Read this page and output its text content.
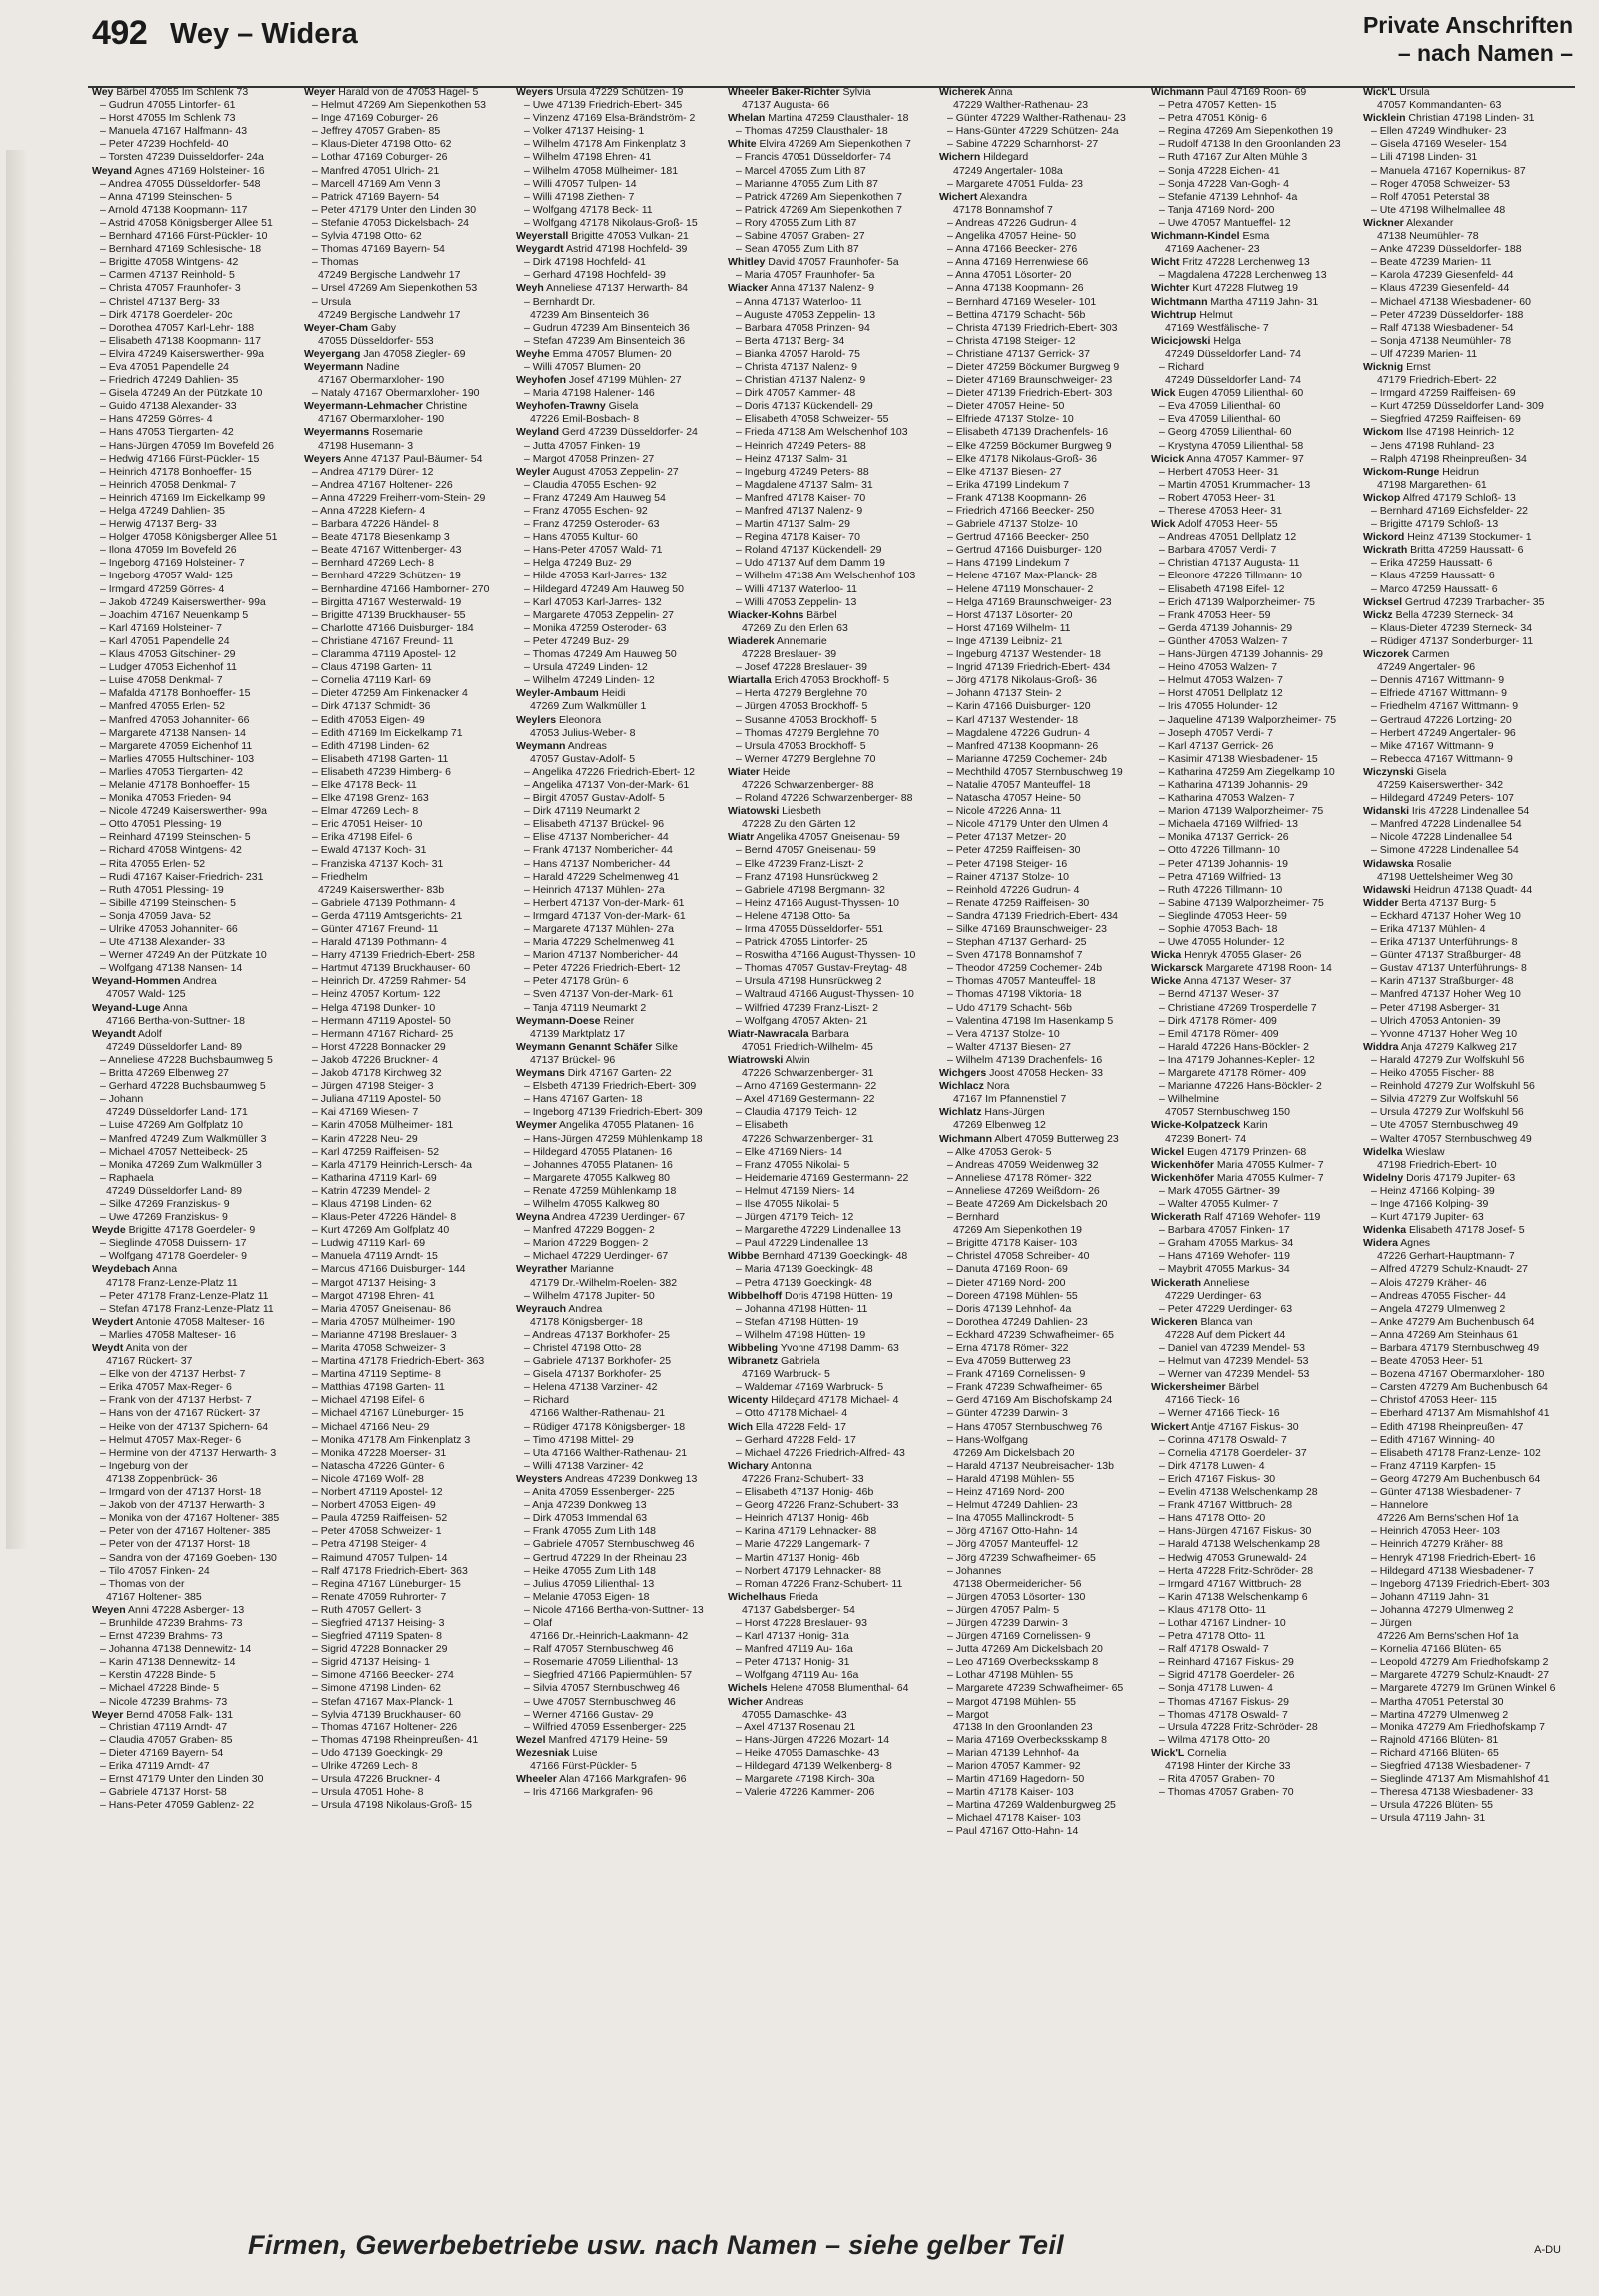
492 Wey – Widera	Private Anschriften
– nach Namen –
Wey Bärbel 47055 Im Schlenk 73
– Gudrun 47055 Lintorfer- 61
– Horst 47055 Im Schlenk 73
– Manuela 47167 Halfmann- 43
– Peter 47239 Hochfeld- 40
– Torsten 47239 Duisseldorfer- 24a
Weyand Agnes 47169 Holsteiner- 16
– Andrea 47055 Düsseldorfer- 548
– Anna 47199 Steinschen- 5
– Arnold 47138 Koopmann- 117
– Astrid 47058 Königsberger Allee 51
– Bernhard 47166 Fürst-Pückler- 10
– Bernhard 47169 Schlesische- 18
– Brigitte 47058 Wintgens- 42
– Carmen 47137 Reinhold- 5
– Christa 47057 Fraunhofer- 3
– Christel 47137 Berg- 33
– Dirk 47178 Goerdeler- 20c
– Dorothea 47057 Karl-Lehr- 188
– Elisabeth 47138 Koopmann- 117
– Elvira 47249 Kaiserswerther- 99a
– Eva 47051 Papendelle 24
– Friedrich 47249 Dahlien- 35
– Gisela 47249 An der Pützkate 10
– Guido 47138 Alexander- 33
– Hans 47259 Görres- 4
– Hans 47053 Tiergarten- 42
– Hans-Jürgen 47059 Im Bovefeld 26
– Hedwig 47166 Fürst-Pückler- 15
– Heinrich 47178 Bonhoeffer- 15
– Heinrich 47058 Denkmal- 7
– Heinrich 47169 Im Eickelkamp 99
– Helga 47249 Dahlien- 35
– Herwig 47137 Berg- 33
– Holger 47058 Königsberger Allee 51
– Ilona 47059 Im Bovefeld 26
– Ingeborg 47169 Holsteiner- 7
– Ingeborg 47057 Wald- 125
– Irmgard 47259 Görres- 4
– Jakob 47249 Kaiserswerther- 99a
– Joachim 47167 Neuenkamp 5
– Karl 47169 Holsteiner- 7
– Karl 47051 Papendelle 24
– Klaus 47053 Gitschiner- 29
– Ludger 47053 Eichenhof 11
– Luise 47058 Denkmal- 7
– Mafalda 47178 Bonhoeffer- 15
– Manfred 47055 Erlen- 52
– Manfred 47053 Johanniter- 66
– Margarete 47138 Nansen- 14
– Margarete 47059 Eichenhof 11
– Marlies 47055 Hultschiner- 103
– Marlies 47053 Tiergarten- 42
– Melanie 47178 Bonhoeffer- 15
– Monika 47053 Frieden- 94
– Nicole 47249 Kaiserswerther- 99a
– Otto 47051 Plessing- 19
– Reinhard 47199 Steinschen- 5
– Richard 47058 Wintgens- 42
– Rita 47055 Erlen- 52
– Rudi 47167 Kaiser-Friedrich- 231
– Ruth 47051 Plessing- 19
– Sibille 47199 Steinschen- 5
– Sonja 47059 Java- 52
– Ulrike 47053 Johanniter- 66
– Ute 47138 Alexander- 33
– Werner 47249 An der Pützkate 10
– Wolfgang 47138 Nansen- 14
Weyand-Hommen Andrea
47057 Wald- 125
Weyand-Luge Anna
47166 Bertha-von-Suttner- 18
Weyandt Adolf
47249 Düsseldorfer Land- 89
– Anneliese 47228 Buchsbaumweg 5
– Britta 47269 Elbenweg 27
– Gerhard 47228 Buchsbaumweg 5
– Johann
47249 Düsseldorfer Land- 171
– Luise 47269 Am Golfplatz 10
– Manfred 47249 Zum Walkmüller 3
– Michael 47057 Netteibeck- 25
– Monika 47269 Zum Walkmüller 3
– Raphaela
47249 Düsseldorfer Land- 89
– Silke 47269 Franziskus- 9
– Uwe 47269 Franziskus- 9
Weyde Brigitte 47178 Goerdeler- 9
– Sieglinde 47058 Duissern- 17
– Wolfgang 47178 Goerdeler- 9
Weydebach Anna
47178 Franz-Lenze-Platz 11
– Peter 47178 Franz-Lenze-Platz 11
– Stefan 47178 Franz-Lenze-Platz 11
Weydert Antonie 47058 Malteser- 16
– Marlies 47058 Malteser- 16
Weydt Anita von der
47167 Rückert- 37
– Elke von der 47137 Herbst- 7
– Erika 47057 Max-Reger- 6
– Frank von der 47137 Herbst- 7
– Hans von der 47167 Rückert- 37
– Heike von der 47137 Spichern- 64
– Helmut 47057 Max-Reger- 6
– Hermine von der 47137 Herwarth- 3
– Ingeburg von der
47138 Zoppenbrück- 36
– Irmgard von der 47137 Horst- 18
– Jakob von der 47137 Herwarth- 3
– Monika von der 47167 Holtener- 385
– Peter von der 47167 Holtener- 385
– Peter von der 47137 Horst- 18
– Sandra von der 47169 Goeben- 130
– Tilo 47057 Finken- 24
– Thomas von der
47167 Holtener- 385
Weyen Anni 47228 Asberger- 13
– Brunhilde 47239 Brahms- 73
– Ernst 47239 Brahms- 73
– Johanna 47138 Dennewitz- 14
– Karin 47138 Dennewitz- 14
– Kerstin 47228 Binde- 5
– Michael 47228 Binde- 5
– Nicole 47239 Brahms- 73
Weyer Bernd 47058 Falk- 131
– Christian 47119 Arndt- 47
– Claudia 47057 Graben- 85
– Dieter 47169 Bayern- 54
– Erika 47119 Arndt- 47
– Ernst 47179 Unter den Linden 30
– Gabriele 47137 Horst- 58
– Hans-Peter 47059 Gablenz- 22
Weyer Harald von de 47053 Hagel- 5
– Helmut 47269 Am Siepenkothen 53
– Inge 47169 Coburger- 26
– Jeffrey 47057 Graben- 85
– Klaus-Dieter 47198 Otto- 62
– Lothar 47169 Coburger- 26
– Manfred 47051 Ulrich- 21
– Marcell 47169 Am Venn 3
– Patrick 47169 Bayern- 54
– Peter 47179 Unter den Linden 30
– Stefanie 47053 Dickelsbach- 24
– Sylvia 47198 Otto- 62
– Thomas 47169 Bayern- 54
– Thomas
47249 Bergische Landwehr 17
– Ursel 47269 Am Siepenkothen 53
– Ursula
47249 Bergische Landwehr 17
Weyer-Cham Gaby
47055 Düsseldorfer- 553
Weyergang Jan 47058 Ziegler- 69
Weyermann Nadine
47167 Obermarxloher- 190
– Nataly 47167 Obermarxloher- 190
Weyermann-Lehmacher Christine
47167 Obermarxloher- 190
Weyermanns Rosemarie
47198 Husemann- 3
Weyers Anne 47137 Paul-Bäumer- 54
– Andrea 47179 Dürer- 12
– Andrea 47167 Holtener- 226
– Anna 47229 Freiherr-vom-Stein- 29
– Anna 47228 Kiefern- 4
– Barbara 47226 Händel- 8
– Beate 47178 Biesenkamp 3
– Beate 47167 Wittenberger- 43
– Bernhard 47269 Lech- 8
– Bernhard 47229 Schützen- 19
– Bernhardine 47166 Hamborner- 270
– Birgitta 47167 Westerwald- 19
– Brigitte 47139 Bruckhauser- 55
– Charlotte 47166 Duisburger- 184
– Christiane 47167 Freund- 11
– Claramma 47119 Apostel- 12
– Claus 47198 Garten- 11
– Cornelia 47119 Karl- 69
– Dieter 47259 Am Finkenacker 4
– Dirk 47137 Schmidt- 36
– Edith 47053 Eigen- 49
– Edith 47169 Im Eickelkamp 71
– Edith 47198 Linden- 62
– Elisabeth 47198 Garten- 11
– Elisabeth 47239 Himberg- 6
– Elke 47178 Beck- 11
– Elke 47198 Grenz- 163
– Elmar 47269 Lech- 8
– Eric 47051 Heiser- 10
– Erika 47198 Eifel- 6
– Ewald 47137 Koch- 31
– Franziska 47137 Koch- 31
– Friedhelm
47249 Kaiserswerther- 83b
– Gabriele 47139 Pothmann- 4
– Gerda 47119 Amtsgerichts- 21
– Günter 47167 Freund- 11
– Harald 47139 Pothmann- 4
– Harry 47139 Friedrich-Ebert- 258
– Hartmut 47139 Bruckhauser- 60
– Heinrich Dr. 47259 Rahmer- 54
– Heinz 47057 Kortum- 122
– Helga 47198 Dunker- 10
– Hermann 47119 Apostel- 50
– Hermann 47167 Richard- 25
– Horst 47228 Bonnacker 29
– Jakob 47226 Bruckner- 4
– Jakob 47178 Kirchweg 32
– Jürgen 47198 Steiger- 3
– Juliana 47119 Apostel- 50
– Kai 47169 Wiesen- 7
– Karin 47058 Mülheimer- 181
– Karin 47228 Neu- 29
– Karl 47259 Raiffeisen- 52
– Karla 47179 Heinrich-Lersch- 4a
– Katharina 47119 Karl- 69
– Katrin 47239 Mendel- 2
– Klaus 47198 Linden- 62
– Klaus-Peter 47226 Händel- 8
– Kurt 47269 Am Golfplatz 40
– Ludwig 47119 Karl- 69
– Manuela 47119 Arndt- 15
– Marcus 47166 Duisburger- 144
– Margot 47137 Heising- 3
– Margot 47198 Ehren- 41
– Maria 47057 Gneisenau- 86
– Maria 47057 Mülheimer- 190
– Marianne 47198 Breslauer- 3
– Marita 47058 Schweizer- 3
– Martina 47178 Friedrich-Ebert- 363
– Martina 47119 Septime- 8
– Matthias 47198 Garten- 11
– Michael 47198 Eifel- 6
– Michael 47167 Lüneburger- 15
– Michael 47166 Neu- 29
– Monika 47178 Am Finkenplatz 3
– Monika 47228 Moerser- 31
– Natascha 47226 Günter- 6
– Nicole 47169 Wolf- 28
– Norbert 47119 Apostel- 12
– Norbert 47053 Eigen- 49
– Paula 47259 Raiffeisen- 52
– Peter 47058 Schweizer- 1
– Petra 47198 Steiger- 4
– Raimund 47057 Tulpen- 14
– Ralf 47178 Friedrich-Ebert- 363
– Regina 47167 Lüneburger- 15
– Renate 47059 Ruhrorter- 7
– Ruth 47057 Gellert- 3
– Siegfried 47137 Heising- 3
– Siegfried 47119 Spaten- 8
– Sigrid 47228 Bonnacker 29
– Sigrid 47137 Heising- 1
– Simone 47166 Beecker- 274
– Simone 47198 Linden- 62
– Stefan 47167 Max-Planck- 1
– Sylvia 47139 Bruckhauser- 60
– Thomas 47167 Holtener- 226
– Thomas 47198 Rheinpreußen- 41
– Udo 47139 Goeckingk- 29
– Ulrike 47269 Lech- 8
– Ursula 47226 Bruckner- 4
– Ursula 47051 Hohe- 8
– Ursula 47198 Nikolaus-Groß- 15
Weyers Ursula 47229 Schützen- 19
– Uwe 47139 Friedrich-Ebert- 345
– Vinzenz 47169 Elsa-Brändström- 2
– Volker 47137 Heising- 1
– Wilhelm 47178 Am Finkenplatz 3
– Wilhelm 47198 Ehren- 41
– Wilhelm 47058 Mülheimer- 181
– Willi 47057 Tulpen- 14
– Willi 47198 Ziethen- 7
– Wolfgang 47178 Beck- 11
– Wolfgang 47178 Nikolaus-Groß- 15
Weyerstall Brigitte 47053 Vulkan- 21
Weygardt Astrid 47198 Hochfeld- 39
– Dirk 47198 Hochfeld- 41
– Gerhard 47198 Hochfeld- 39
Weyh Anneliese 47137 Herwarth- 84
– Bernhardt Dr.
47239 Am Binsenteich 36
– Gudrun 47239 Am Binsenteich 36
– Stefan 47239 Am Binsenteich 36
Weyhe Emma 47057 Blumen- 20
– Willi 47057 Blumen- 20
Weyhofen Josef 47199 Mühlen- 27
– Maria 47198 Halener- 146
Weyhofen-Trawny Gisela
47226 Emil-Bosbach- 8
Weyland Gerd 47239 Düsseldorfer- 24
– Jutta 47057 Finken- 19
– Margot 47058 Prinzen- 27
Weyler August 47053 Zeppelin- 27
– Claudia 47055 Eschen- 92
– Franz 47249 Am Hauweg 54
– Franz 47055 Eschen- 92
– Franz 47259 Osteroder- 63
– Hans 47055 Kultur- 60
– Hans-Peter 47057 Wald- 71
– Helga 47249 Buz- 29
– Hilde 47053 Karl-Jarres- 132
– Hildegard 47249 Am Hauweg 50
– Karl 47053 Karl-Jarres- 132
– Margarete 47053 Zeppelin- 27
– Monika 47259 Osteroder- 63
– Peter 47249 Buz- 29
– Thomas 47249 Am Hauweg 50
– Ursula 47249 Linden- 12
– Wilhelm 47249 Linden- 12
Weyler-Ambaum Heidi
47269 Zum Walkmüller 1
Weylers Eleonora
47053 Julius-Weber- 8
Weymann Andreas
47057 Gustav-Adolf- 5
– Angelika 47226 Friedrich-Ebert- 12
– Angelika 47137 Von-der-Mark- 61
– Birgit 47057 Gustav-Adolf- 5
– Dirk 47119 Neumarkt 2
– Elisabeth 47137 Brückel- 96
– Elise 47137 Nombericher- 44
– Frank 47137 Nombericher- 44
– Hans 47137 Nombericher- 44
– Harald 47229 Schelmenweg 41
– Heinrich 47137 Mühlen- 27a
– Herbert 47137 Von-der-Mark- 61
– Irmgard 47137 Von-der-Mark- 61
– Margarete 47137 Mühlen- 27a
– Maria 47229 Schelmenweg 41
– Marion 47137 Nombericher- 44
– Peter 47226 Friedrich-Ebert- 12
– Peter 47178 Grün- 6
– Sven 47137 Von-der-Mark- 61
– Tanja 47119 Neumarkt 2
Weymann-Doese Reiner
47139 Marktplatz 17
Weymann Genannt Schäfer Silke
47137 Brückel- 96
Weymans Dirk 47167 Garten- 22
– Elsbeth 47139 Friedrich-Ebert- 309
– Hans 47167 Garten- 18
– Ingeborg 47139 Friedrich-Ebert- 309
Weymer Angelika 47055 Platanen- 16
– Hans-Jürgen 47259 Mühlenkamp 18
– Hildegard 47055 Platanen- 16
– Johannes 47055 Platanen- 16
– Margarete 47055 Kalkweg 80
– Renate 47259 Mühlenkamp 18
– Wilhelm 47055 Kalkweg 80
Weyna Andrea 47239 Uerdinger- 67
– Manfred 47229 Boggen- 2
– Marion 47229 Boggen- 2
– Michael 47229 Uerdinger- 67
Weyrather Marianne
47179 Dr.-Wilhelm-Roelen- 382
– Wilhelm 47178 Jupiter- 50
Weyrauch Andrea
47178 Königsberger- 18
– Andreas 47137 Borkhofer- 25
– Christel 47198 Otto- 28
– Gabriele 47137 Borkhofer- 25
– Gisela 47137 Borkhofer- 25
– Helena 47138 Varziner- 42
– Richard
47166 Walther-Rathenau- 21
– Rüdiger 47178 Königsberger- 18
– Timo 47198 Mittel- 29
– Uta 47166 Walther-Rathenau- 21
– Willi 47138 Varziner- 42
Weysters Andreas 47239 Donkweg 13
– Anita 47059 Essenberger- 225
– Anja 47239 Donkweg 13
– Dirk 47053 Immendal 63
– Frank 47055 Zum Lith 148
– Gabriele 47057 Sternbuschweg 46
– Gertrud 47229 In der Rheinau 23
– Heike 47055 Zum Lith 148
– Julius 47059 Lilienthal- 13
– Melanie 47053 Eigen- 18
– Nicole 47166 Bertha-von-Suttner- 13
– Olaf
47166 Dr.-Heinrich-Laakmann- 42
– Ralf 47057 Sternbuschweg 46
– Rosemarie 47059 Lilienthal- 13
– Siegfried 47166 Papiermühlen- 57
– Silvia 47057 Sternbuschweg 46
– Uwe 47057 Sternbuschweg 46
– Werner 47166 Gustav- 29
– Wilfried 47059 Essenberger- 225
Wezel Manfred 47179 Heine- 59
Wezesniak Luise
47166 Fürst-Pückler- 5
Wheeler Alan 47166 Markgrafen- 96
– Iris 47166 Markgrafen- 96
Wheeler Baker-Richter Sylvia
47137 Augusta- 66
Whelan Martina 47259 Clausthaler- 18
– Thomas 47259 Clausthaler- 18
White Elvira 47269 Am Siepenkothen 7
– Francis 47051 Düsseldorfer- 74
– Marcel 47055 Zum Lith 87
– Marianne 47055 Zum Lith 87
– Patrick 47269 Am Siepenkothen 7
– Patrick 47269 Am Siepenkothen 7
– Rory 47055 Zum Lith 87
– Sabine 47057 Graben- 27
– Sean 47055 Zum Lith 87
Whitley David 47057 Fraunhofer- 5a
– Maria 47057 Fraunhofer- 5a
Wiacker Anna 47137 Nalenz- 9
– Anna 47137 Waterloo- 11
– Auguste 47053 Zeppelin- 13
– Barbara 47058 Prinzen- 94
– Berta 47137 Berg- 34
– Bianka 47057 Harold- 75
– Christa 47137 Nalenz- 9
– Christian 47137 Nalenz- 9
– Dirk 47057 Kammer- 48
– Doris 47137 Kückendell- 29
– Elisabeth 47058 Schweizer- 55
– Frieda 47138 Am Welschenhof 103
– Heinrich 47249 Peters- 88
– Heinz 47137 Salm- 31
– Ingeburg 47249 Peters- 88
– Magdalene 47137 Salm- 31
– Manfred 47178 Kaiser- 70
– Manfred 47137 Nalenz- 9
– Martin 47137 Salm- 29
– Regina 47178 Kaiser- 70
– Roland 47137 Kückendell- 29
– Udo 47137 Auf dem Damm 19
– Wilhelm 47138 Am Welschenhof 103
– Willi 47137 Waterloo- 11
– Willi 47053 Zeppelin- 13
Wiacker-Kohns Bärbel
47269 Zu den Erlen 63
Wiaderek Annemarie
47228 Breslauer- 39
– Josef 47228 Breslauer- 39
Wiartalla Erich 47053 Brockhoff- 5
– Herta 47279 Berglehne 70
– Jürgen 47053 Brockhoff- 5
– Susanne 47053 Brockhoff- 5
– Thomas 47279 Berglehne 70
– Ursula 47053 Brockhoff- 5
– Werner 47279 Berglehne 70
Wiater Heide
47226 Schwarzenberger- 88
– Roland 47226 Schwarzenberger- 88
Wiatowski Liesbeth
47228 Zu den Gärten 12
Wiatr Angelika 47057 Gneisenau- 59
– Bernd 47057 Gneisenau- 59
– Elke 47239 Franz-Liszt- 2
– Franz 47198 Hunsrückweg 2
– Gabriele 47198 Bergmann- 32
– Heinz 47166 August-Thyssen- 10
– Helene 47198 Otto- 5a
– Irma 47055 Düsseldorfer- 551
– Patrick 47055 Lintorfer- 25
– Roswitha 47166 August-Thyssen- 10
– Thomas 47057 Gustav-Freytag- 48
– Ursula 47198 Hunsrückweg 2
– Waltraud 47166 August-Thyssen- 10
– Wilfried 47239 Franz-Liszt- 2
– Wolfgang 47057 Akten- 21
Wiatr-Nawracala Barbara
47051 Friedrich-Wilhelm- 45
Wiatrowski Alwin
47226 Schwarzenberger- 31
– Arno 47169 Gestermann- 22
– Axel 47169 Gestermann- 22
– Claudia 47179 Teich- 12
– Elisabeth
47226 Schwarzenberger- 31
– Elke 47169 Niers- 14
– Franz 47055 Nikolai- 5
– Heidemarie 47169 Gestermann- 22
– Helmut 47169 Niers- 14
– Ilse 47055 Nikolai- 5
– Jürgen 47179 Teich- 12
– Margarethe 47229 Lindenallee 13
– Paul 47229 Lindenallee 13
Wibbe Bernhard 47139 Goeckingk- 48
– Maria 47139 Goeckingk- 48
– Petra 47139 Goeckingk- 48
Wibbelhoff Doris 47198 Hütten- 19
– Johanna 47198 Hütten- 11
– Stefan 47198 Hütten- 19
– Wilhelm 47198 Hütten- 19
Wibbeling Yvonne 47198 Damm- 63
Wibranetz Gabriela
47169 Warbruck- 5
– Waldemar 47169 Warbruck- 5
Wicenty Hildegard 47178 Michael- 4
– Otto 47178 Michael- 4
Wich Ella 47228 Feld- 17
– Gerhard 47228 Feld- 17
– Michael 47226 Friedrich-Alfred- 43
Wichary Antonina
47226 Franz-Schubert- 33
– Elisabeth 47137 Honig- 46b
– Georg 47226 Franz-Schubert- 33
– Heinrich 47137 Honig- 46b
– Karina 47179 Lehnacker- 88
– Marie 47229 Langemark- 7
– Martin 47137 Honig- 46b
– Norbert 47179 Lehnacker- 88
– Roman 47226 Franz-Schubert- 11
Wichelhaus Frieda
47137 Gabelsberger- 54
– Horst 47228 Breslauer- 93
– Karl 47137 Honig- 31a
– Manfred 47119 Au- 16a
– Peter 47137 Honig- 31
– Wolfgang 47119 Au- 16a
Wichels Helene 47058 Blumenthal- 64
Wicher Andreas
47055 Damaschke- 43
– Axel 47137 Rosenau 21
– Hans-Jürgen 47226 Mozart- 14
– Heike 47055 Damaschke- 43
– Hildegard 47139 Welkenberg- 8
– Margarete 47198 Kirch- 30a
– Valerie 47226 Kammer- 206
Wicherek Anna
47229 Walther-Rathenau- 23
– Günter 47229 Walther-Rathenau- 23
– Hans-Günter 47229 Schützen- 24a
– Sabine 47229 Scharnhorst- 27
Wichern Hildegard
47249 Angertaler- 108a
– Margarete 47051 Fulda- 23
Wichert Alexandra
47178 Bonnamshof 7
– Andreas 47226 Gudrun- 4
– Angelika 47057 Heine- 50
– Anna 47166 Beecker- 276
– Anna 47169 Herrenwiese 66
– Anna 47051 Lösorter- 20
– Anna 47138 Koopmann- 26
– Bernhard 47169 Weseler- 101
– Bettina 47179 Schacht- 56b
– Christa 47139 Friedrich-Ebert- 303
– Christa 47198 Steiger- 12
– Christiane 47137 Gerrick- 37
– Dieter 47259 Böckumer Burgweg 9
– Dieter 47169 Braunschweiger- 23
– Dieter 47139 Friedrich-Ebert- 303
– Dieter 47057 Heine- 50
– Elfriede 47137 Stolze- 10
– Elisabeth 47139 Drachenfels- 16
– Elke 47259 Böckumer Burgweg 9
– Elke 47178 Nikolaus-Groß- 36
– Elke 47137 Biesen- 27
– Erika 47199 Lindekum 7
– Frank 47138 Koopmann- 26
– Friedrich 47166 Beecker- 250
– Gabriele 47137 Stolze- 10
– Gertrud 47166 Beecker- 250
– Gertrud 47166 Duisburger- 120
– Hans 47199 Lindekum 7
– Helene 47167 Max-Planck- 28
– Helene 47119 Monschauer- 2
– Helga 47169 Braunschweiger- 23
– Horst 47137 Lösorter- 20
– Horst 47169 Wilhelm- 11
– Inge 47139 Leibniz- 21
– Ingeburg 47137 Westender- 18
– Ingrid 47139 Friedrich-Ebert- 434
– Jörg 47178 Nikolaus-Groß- 36
– Johann 47137 Stein- 2
– Karin 47166 Duisburger- 120
– Karl 47137 Westender- 18
– Magdalene 47226 Gudrun- 4
– Manfred 47138 Koopmann- 26
– Marianne 47259 Cochemer- 24b
– Mechthild 47057 Sternbuschweg 19
– Natalie 47057 Manteuffel- 18
– Natascha 47057 Heine- 50
– Nicole 47226 Anna- 11
– Nicole 47179 Unter den Ulmen 4
– Peter 47137 Metzer- 20
– Peter 47259 Raiffeisen- 30
– Peter 47198 Steiger- 16
– Rainer 47137 Stolze- 10
– Reinhold 47226 Gudrun- 4
– Renate 47259 Raiffeisen- 30
– Sandra 47139 Friedrich-Ebert- 434
– Silke 47169 Braunschweiger- 23
– Stephan 47137 Gerhard- 25
– Sven 47178 Bonnamshof 7
– Theodor 47259 Cochemer- 24b
– Thomas 47057 Manteuffel- 18
– Thomas 47198 Viktoria- 18
– Udo 47179 Schacht- 56b
– Valentina 47198 Im Hasenkamp 5
– Vera 47137 Stolze- 10
– Walter 47137 Biesen- 27
– Wilhelm 47139 Drachenfels- 16
Wichgers Joost 47058 Hecken- 33
Wichlacz Nora
47167 Im Pfannenstiel 7
Wichlatz Hans-Jürgen
47269 Elbenweg 12
Wichmann Albert 47059 Butterweg 23
– Alke 47053 Gerok- 5
– Andreas 47059 Weidenweg 32
– Anneliese 47178 Römer- 322
– Anneliese 47269 Weißdorn- 26
– Beate 47269 Am Dickelsbach 20
– Bernhard
47269 Am Siepenkothen 19
– Brigitte 47178 Kaiser- 103
– Christel 47058 Schreiber- 40
– Danuta 47169 Roon- 69
– Dieter 47169 Nord- 200
– Doreen 47198 Mühlen- 55
– Doris 47139 Lehnhof- 4a
– Dorothea 47249 Dahlien- 23
– Eckhard 47239 Schwafheimer- 65
– Erna 47178 Römer- 322
– Eva 47059 Butterweg 23
– Frank 47169 Cornelissen- 9
– Frank 47239 Schwafheimer- 65
– Gerd 47169 Am Bischofskamp 24
– Günter 47239 Darwin- 3
– Hans 47057 Sternbuschweg 76
– Hans-Wolfgang
47269 Am Dickelsbach 20
– Harald 47137 Neubreisacher- 13b
– Harald 47198 Mühlen- 55
– Heinz 47169 Nord- 200
– Helmut 47249 Dahlien- 23
– Ina 47055 Mallinckrodt- 5
– Jörg 47167 Otto-Hahn- 14
– Jörg 47057 Manteuffel- 12
– Jörg 47239 Schwafheimer- 65
– Johannes
47138 Obermeidericher- 56
– Jürgen 47053 Lösorter- 130
– Jürgen 47057 Palm- 5
– Jürgen 47239 Darwin- 3
– Jürgen 47169 Cornelissen- 9
– Jutta 47269 Am Dickelsbach 20
– Leo 47169 Overbecksskamp 8
– Lothar 47198 Mühlen- 55
– Margarete 47239 Schwafheimer- 65
– Margot 47198 Mühlen- 55
– Margot
47138 In den Groonlanden 23
– Maria 47169 Overbecksskamp 8
– Marian 47139 Lehnhof- 4a
– Marion 47057 Kammer- 92
– Martin 47169 Hagedorn- 50
– Martin 47178 Kaiser- 103
– Martina 47269 Waldenburgweg 25
– Michael 47178 Kaiser- 103
– Paul 47167 Otto-Hahn- 14
Wichmann Paul 47169 Roon- 69
– Petra 47057 Ketten- 15
– Petra 47051 König- 6
– Regina 47269 Am Siepenkothen 19
– Rudolf 47138 In den Groonlanden 23
– Ruth 47167 Zur Alten Mühle 3
– Sonja 47228 Eichen- 41
– Sonja 47228 Van-Gogh- 4
– Stefanie 47139 Lehnhof- 4a
– Tanja 47169 Nord- 200
– Uwe 47057 Mantueffel- 12
Wichmann-Kindel Esma
47169 Aachener- 23
Wicht Fritz 47228 Lerchenweg 13
– Magdalena 47228 Lerchenweg 13
Wichter Kurt 47228 Flutweg 19
Wichtmann Martha 47119 Jahn- 31
Wichtrup Helmut
47169 Westfälische- 7
Wicicjowski Helga
47249 Düsseldorfer Land- 74
– Richard
47249 Düsseldorfer Land- 74
Wick Eugen 47059 Lilienthal- 60
– Eva 47059 Lilienthal- 60
– Eva 47059 Lilienthal- 60
– Georg 47059 Lilienthal- 60
– Krystyna 47059 Lilienthal- 58
Wicick Anna 47057 Kammer- 97
– Herbert 47053 Heer- 31
– Martin 47051 Krummacher- 13
– Robert 47053 Heer- 31
– Therese 47053 Heer- 31
Wick Adolf 47053 Heer- 55
– Andreas 47051 Dellplatz 12
– Barbara 47057 Verdi- 7
– Christian 47137 Augusta- 11
– Eleonore 47226 Tillmann- 10
– Elisabeth 47198 Eifel- 12
– Erich 47139 Walporzheimer- 75
– Frank 47053 Heer- 59
– Gerda 47139 Johannis- 29
– Günther 47053 Walzen- 7
– Hans-Jürgen 47139 Johannis- 29
– Heino 47053 Walzen- 7
– Helmut 47053 Walzen- 7
– Horst 47051 Dellplatz 12
– Iris 47055 Holunder- 12
– Jaqueline 47139 Walporzheimer- 75
– Joseph 47057 Verdi- 7
– Karl 47137 Gerrick- 26
– Kasimir 47138 Wiesbadener- 15
– Katharina 47259 Am Ziegelkamp 10
– Katharina 47139 Johannis- 29
– Katharina 47053 Walzen- 7
– Marion 47139 Walporzheimer- 75
– Michaela 47169 Wilfried- 13
– Monika 47137 Gerrick- 26
– Otto 47226 Tillmann- 10
– Peter 47139 Johannis- 19
– Petra 47169 Wilfried- 13
– Ruth 47226 Tillmann- 10
– Sabine 47139 Walporzheimer- 75
– Sieglinde 47053 Heer- 59
– Sophie 47053 Bach- 18
– Uwe 47055 Holunder- 12
Wicka Henryk 47055 Glaser- 26
Wickarsck Margarete 47198 Roon- 14
Wicke Anna 47137 Weser- 37
– Bernd 47137 Weser- 37
– Christiane 47269 Trosperdelle 7
– Dirk 47178 Römer- 409
– Emil 47178 Römer- 409
– Harald 47226 Hans-Böckler- 2
– Ina 47179 Johannes-Kepler- 12
– Margarete 47178 Römer- 409
– Marianne 47226 Hans-Böckler- 2
– Wilhelmine
47057 Sternbuschweg 150
Wicke-Kolpatzeck Karin
47239 Bonert- 74
Wickel Eugen 47179 Prinzen- 68
Wickenhöfer Maria 47055 Kulmer- 7
Wickenhöfer Maria 47055 Kulmer- 7
– Mark 47055 Gärtner- 39
– Walter 47055 Kulmer- 7
Wickerath Ralf 47169 Wehofer- 119
– Barbara 47057 Finken- 17
– Graham 47055 Markus- 34
– Hans 47169 Wehofer- 119
– Maybrit 47055 Markus- 34
Wickerath Anneliese
47229 Uerdinger- 63
– Peter 47229 Uerdinger- 63
Wickeren Blanca van
47228 Auf dem Pickert 44
– Daniel van 47239 Mendel- 53
– Helmut van 47239 Mendel- 53
– Werner van 47239 Mendel- 53
Wickersheimer Bärbel
47166 Tieck- 16
– Werner 47166 Tieck- 16
Wickert Antje 47167 Fiskus- 30
– Corinna 47178 Oswald- 7
– Cornelia 47178 Goerdeler- 37
– Dirk 47178 Luwen- 4
– Erich 47167 Fiskus- 30
– Evelin 47138 Welschenkamp 28
– Frank 47167 Wittbruch- 28
– Hans 47178 Otto- 20
– Hans-Jürgen 47167 Fiskus- 30
– Harald 47138 Welschenkamp 28
– Hedwig 47053 Grunewald- 24
– Herta 47228 Fritz-Schröder- 28
– Irmgard 47167 Wittbruch- 28
– Karin 47138 Welschenkamp 6
– Klaus 47178 Otto- 11
– Lothar 47167 Lindner- 10
– Petra 47178 Otto- 11
– Ralf 47178 Oswald- 7
– Reinhard 47167 Fiskus- 29
– Sigrid 47178 Goerdeler- 26
– Sonja 47178 Luwen- 4
– Thomas 47167 Fiskus- 29
– Thomas 47178 Oswald- 7
– Ursula 47228 Fritz-Schröder- 28
– Wilma 47178 Otto- 20
Wick'L Cornelia
47198 Hinter der Kirche 33
– Rita 47057 Graben- 70
– Thomas 47057 Graben- 70
Wick'L Ursula
47057 Kommandanten- 63
Wicklein Christian 47198 Linden- 31
– Ellen 47249 Windhuker- 23
– Gisela 47169 Weseler- 154
– Lili 47198 Linden- 31
– Manuela 47167 Kopernikus- 87
– Roger 47058 Schweizer- 53
– Rolf 47051 Peterstal 38
– Ute 47198 Wilhelmallee 48
Wickner Alexander
47138 Neumühler- 78
– Anke 47239 Düsseldorfer- 188
– Beate 47239 Marien- 11
– Karola 47239 Giesenfeld- 44
– Klaus 47239 Giesenfeld- 44
– Michael 47138 Wiesbadener- 60
– Peter 47239 Düsseldorfer- 188
– Ralf 47138 Wiesbadener- 54
– Sonja 47138 Neumühler- 78
– Ulf 47239 Marien- 11
Wicknig Ernst
47179 Friedrich-Ebert- 22
– Irmgard 47259 Raiffeisen- 69
– Kurt 47259 Düsseldorfer Land- 309
– Siegfried 47259 Raiffeisen- 69
Wickom Ilse 47198 Heinrich- 12
– Jens 47198 Ruhland- 23
– Ralph 47198 Rheinpreußen- 34
Wickom-Runge Heidrun
47198 Margarethen- 61
Wickop Alfred 47179 Schloß- 13
– Bernhard 47169 Eichsfelder- 22
– Brigitte 47179 Schloß- 13
Wickord Heinz 47139 Stockumer- 1
Wickrath Britta 47259 Haussatt- 6
– Erika 47259 Haussatt- 6
– Klaus 47259 Haussatt- 6
– Marco 47259 Haussatt- 6
Wicksel Gertrud 47239 Trarbacher- 35
Wickz Bella 47239 Sterneck- 34
– Klaus-Dieter 47239 Sterneck- 34
– Rüdiger 47137 Sonderburger- 11
Wiczorek Carmen
47249 Angertaler- 96
– Dennis 47167 Wittmann- 9
– Elfriede 47167 Wittmann- 9
– Friedhelm 47167 Wittmann- 9
– Gertraud 47226 Lortzing- 20
– Herbert 47249 Angertaler- 96
– Mike 47167 Wittmann- 9
– Rebecca 47167 Wittmann- 9
Wiczynski Gisela
47259 Kaiserswerther- 342
– Hildegard 47249 Peters- 107
Widanski Iris 47228 Lindenallee 54
– Manfred 47228 Lindenallee 54
– Nicole 47228 Lindenallee 54
– Simone 47228 Lindenallee 54
Widawska Rosalie
47198 Uettelsheimer Weg 30
Widawski Heidrun 47138 Quadt- 44
Widder Berta 47137 Burg- 5
– Eckhard 47137 Hoher Weg 10
– Erika 47137 Mühlen- 4
– Erika 47137 Unterführungs- 8
– Günter 47137 Straßburger- 48
– Gustav 47137 Unterführungs- 8
– Karin 47137 Straßburger- 48
– Manfred 47137 Hoher Weg 10
– Peter 47198 Asberger- 31
– Ulrich 47053 Antonien- 39
– Yvonne 47137 Hoher Weg 10
Widdra Anja 47279 Kalkweg 217
– Harald 47279 Zur Wolfskuhl 56
– Heiko 47055 Fischer- 88
– Reinhold 47279 Zur Wolfskuhl 56
– Silvia 47279 Zur Wolfskuhl 56
– Ursula 47279 Zur Wolfskuhl 56
– Ute 47057 Sternbuschweg 49
– Walter 47057 Sternbuschweg 49
Widelka Wieslaw
47198 Friedrich-Ebert- 10
Widelny Doris 47179 Jupiter- 63
– Heinz 47166 Kolping- 39
– Inge 47166 Kolping- 39
– Kurt 47179 Jupiter- 63
Widenka Elisabeth 47178 Josef- 5
Widera Agnes
47226 Gerhart-Hauptmann- 7
– Alfred 47279 Schulz-Knaudt- 27
– Alois 47279 Kräher- 46
– Andreas 47055 Fischer- 44
– Angela 47279 Ulmenweg 2
– Anke 47279 Am Buchenbusch 64
– Anna 47269 Am Steinhaus 61
– Barbara 47179 Sternbuschweg 49
– Beate 47053 Heer- 51
– Bozena 47167 Obermarxloher- 180
– Carsten 47279 Am Buchenbusch 64
– Christof 47053 Heer- 115
– Eberhard 47137 Am Mismahlshof 41
– Edith 47198 Rheinpreußen- 47
– Edith 47167 Winning- 40
– Elisabeth 47178 Franz-Lenze- 102
– Franz 47119 Karpfen- 15
– Georg 47279 Am Buchenbusch 64
– Günter 47138 Wiesbadener- 7
– Hannelore
47226 Am Berns'schen Hof 1a
– Heinrich 47053 Heer- 103
– Heinrich 47279 Kräher- 88
– Henryk 47198 Friedrich-Ebert- 16
– Hildegard 47138 Wiesbadener- 7
– Ingeborg 47139 Friedrich-Ebert- 303
– Johann 47119 Jahn- 31
– Johanna 47279 Ulmenweg 2
– Jürgen
47226 Am Berns'schen Hof 1a
– Kornelia 47166 Blüten- 65
– Leopold 47279 Am Friedhofskamp 2
– Margarete 47279 Schulz-Knaudt- 27
– Margarete 47279 Im Grünen Winkel 6
– Martha 47051 Peterstal 30
– Martina 47279 Ulmenweg 2
– Monika 47279 Am Friedhofskamp 7
– Rajnold 47166 Blüten- 81
– Richard 47166 Blüten- 65
– Siegfried 47138 Wiesbadener- 7
– Sieglinde 47137 Am Mismahlshof 41
– Theresa 47138 Wiesbadener- 33
– Ursula 47226 Blüten- 55
– Ursula 47119 Jahn- 31
Firmen, Gewerbebetriebe usw. nach Namen – siehe gelber Teil	A-DU
